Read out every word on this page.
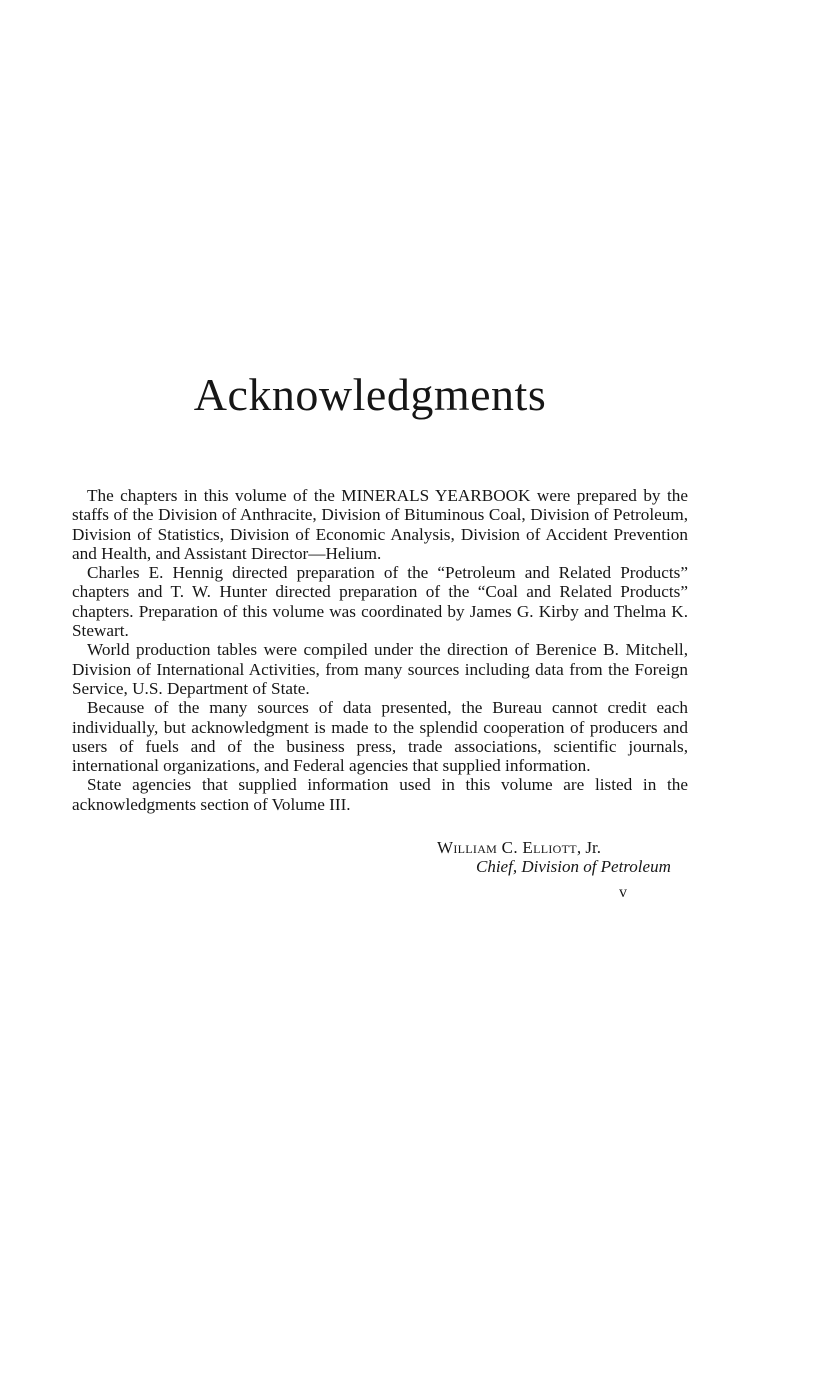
Acknowledgments

The chapters in this volume of the MINERALS YEARBOOK were prepared by the staffs of the Division of Anthracite, Division of Bituminous Coal, Division of Petroleum, Division of Statistics, Division of Economic Analysis, Division of Accident Prevention and Health, and Assistant Director—Helium.

Charles E. Hennig directed preparation of the “Petroleum and Related Products” chapters and T. W. Hunter directed preparation of the “Coal and Related Products” chapters. Preparation of this volume was coordinated by James G. Kirby and Thelma K. Stewart.

World production tables were compiled under the direction of Berenice B. Mitchell, Division of International Activities, from many sources including data from the Foreign Service, U.S. Department of State.

Because of the many sources of data presented, the Bureau cannot credit each individually, but acknowledgment is made to the splendid cooperation of producers and users of fuels and of the business press, trade associations, scientific journals, international organizations, and Federal agencies that supplied information.

State agencies that supplied information used in this volume are listed in the acknowledgments section of Volume III.

William C. Elliott, Jr.
Chief, Division of Petroleum
v
